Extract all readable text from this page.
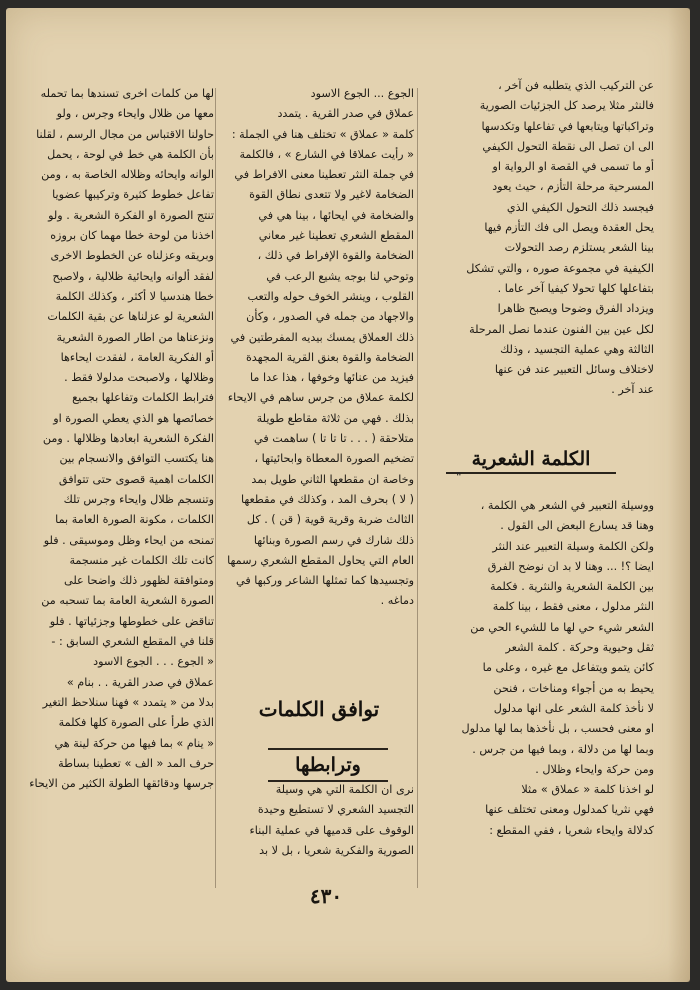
عن التركيب الذي يتطلبه فن آخر ،

فالنثر مثلا يرصد كل الجزئيات الصورية

وتراكباتها ويتابعها في تفاعلها وتكدسها

الى ان تصل الى نقطة التحول الكيفي

أو ما تسمى في القصة او الرواية او

المسرحية مرحلة التأزم ، حيث يعود

فيجسد ذلك التحول الكيفي الذي

يحل العقدة ويصل الى فك التأزم فيها

بينا الشعر يستلزم رصد التحولات

الكيفية في مجموعة صوره ، والتي تشكل

بتفاعلها كلها تحولا كيفيا آخر عاما .

ويزداد الفرق وضوحا ويصبح ظاهرا

لكل عين بين الفنون عندما نصل المرحلة

الثالثة وهي عملية التجسيد ، وذلك

لاختلاف وسائل التعبير عند فن عنها

عند آخر .

الكلمة الشعرية
"

ووسيلة التعبير في الشعر هي الكلمة ،

وهنا قد يسارع البعض الى القول .

ولكن الكلمة وسيلة التعبير عند النثر

ايضا ؟! ... وهنا لا بد ان نوضح الفرق

بين الكلمة الشعرية والنثرية . فكلمة

النثر مدلول ، معنى فقط ، بينا كلمة

الشعر شيء حي لها ما للشيء الحي من

ثقل وحيوية وحركة . كلمة الشعر

كائن يتمو ويتفاعل مع غيره ، وعلى ما

يحيط به من أجواء ومناخات ، فنحن

لا نأخذ كلمة الشعر على انها مدلول

او معنى فحسب ، بل نأخذها بما لها مدلول

وبما لها من دلالة ، وبما فيها من جرس .

ومن حركة وايحاء وظلال .

لو اخذنا كلمة « عملاق » مثلا

فهي نثريا كمدلول ومعنى تختلف عنها

كدلالة وايحاء شعريا ، ففي المقطع :

الجوع ... الجوع الاسود

عملاق في صدر القرية . يتمدد

كلمة « عملاق » تختلف هنا في الجملة :

« رأيت عملاقا في الشارع » ، فالكلمة

في جملة النثر تعطينا معنى الافراط في

الضخامة لاغير ولا تتعدى نطاق القوة

والضخامة في ايحائها ، بينا هي في

المقطع الشعري تعطينا غير معاني

الضخامة والقوة الإفراط في ذلك ،

وتوحي لنا بوجه يشيع الرعب في

القلوب ، وينشر الخوف حوله والتعب

والاجهاد من جمله في الصدور ، وكأن

ذلك العملاق يمسك بيديه المفرطتين في

الضخامة والقوة بعنق القرية المجهدة

فيزيد من عنائها وخوفها ، هذا عدا ما

لكلمة عملاق من جرس ساهم في الايحاء

بذلك . فهي من ثلاثة مقاطع طويلة

متلاحقة ( . . . تا تا تا ) ساهمت في

تضخيم الصورة المعطاة وابحائيتها ،

وخاصة ان مقطعها الثاني طويل بمد

( لا ) بحرف المد ، وكذلك في مقطعها

الثالث ضربة وقرية قوية ( قن ) . كل

ذلك شارك في رسم الصورة وبنائها

العام التي يحاول المقطع الشعري رسمها

وتجسيدها كما تمثلها الشاعر وركبها في

دماغه .

توافق الكلمات
وترابطها

نرى ان الكلمة التي هي وسيلة

التجسيد الشعري لا تستطيع وحيدة

الوقوف على قدميها في عملية البناء

الصورية والفكرية شعريا ، بل لا بد

لها من كلمات اخرى تسندها بما تحمله

معها من ظلال وايحاء وجرس ، ولو

حاولنا الاقتباس من مجال الرسم ، لقلنا

بأن الكلمة هي خط في لوحة ، يحمل

الوانه وايحائه وظلاله الخاصة به ، ومن

تفاعل خطوط كثيرة وتركيبها عضويا

تنتج الصورة او الفكرة الشعرية . ولو

اخذنا من لوحة خطا مهما كان بروزه

وبريقه وعزلناه عن الخطوط الاخرى

لفقد ألوانه وايحائية ظلالية ، ولاصبح

خطا هندسيا لا أكثر ، وكذلك الكلمة

الشعرية لو عزلناها عن بقية الكلمات

ونزعناها من اطار الصورة الشعرية

أو الفكرية العامة ، لفقدت ايحاءها

وظلالها ، ولاصبحت مدلولا فقط .

فترابط الكلمات وتفاعلها بجميع

خصائصها هو الذي يعطي الصورة او

الفكرة الشعرية ابعادها وظلالها . ومن

هنا يكتسب التوافق والانسجام بين

الكلمات اهمية قصوى حتى تتوافق

وتنسجم ظلال وايحاء وجرس تلك

الكلمات ، مكونة الصورة العامة بما

تمنحه من ايحاء وظل وموسيقى . فلو

كانت تلك الكلمات غير منسجمة

ومتوافقة لظهور ذلك واضحا على

الصورة الشعرية العامة بما تسحبه من

تناقض على خطوطها وجزئياتها . فلو

قلنا في المقطع الشعري السابق : -

« الجوع . . . الجوع الاسود

عملاق في صدر القرية . . بنام »

بدلا من « يتمدد » فهنا سنلاحظ التغير

الذي طرأ على الصورة كلها فكلمة

« ينام » بما فيها من حركة لينة هي

حرف المد « الف » تعطينا بساطة

جرسها ودقائقها الطولة الكثير من الايحاء

٤٣٠
